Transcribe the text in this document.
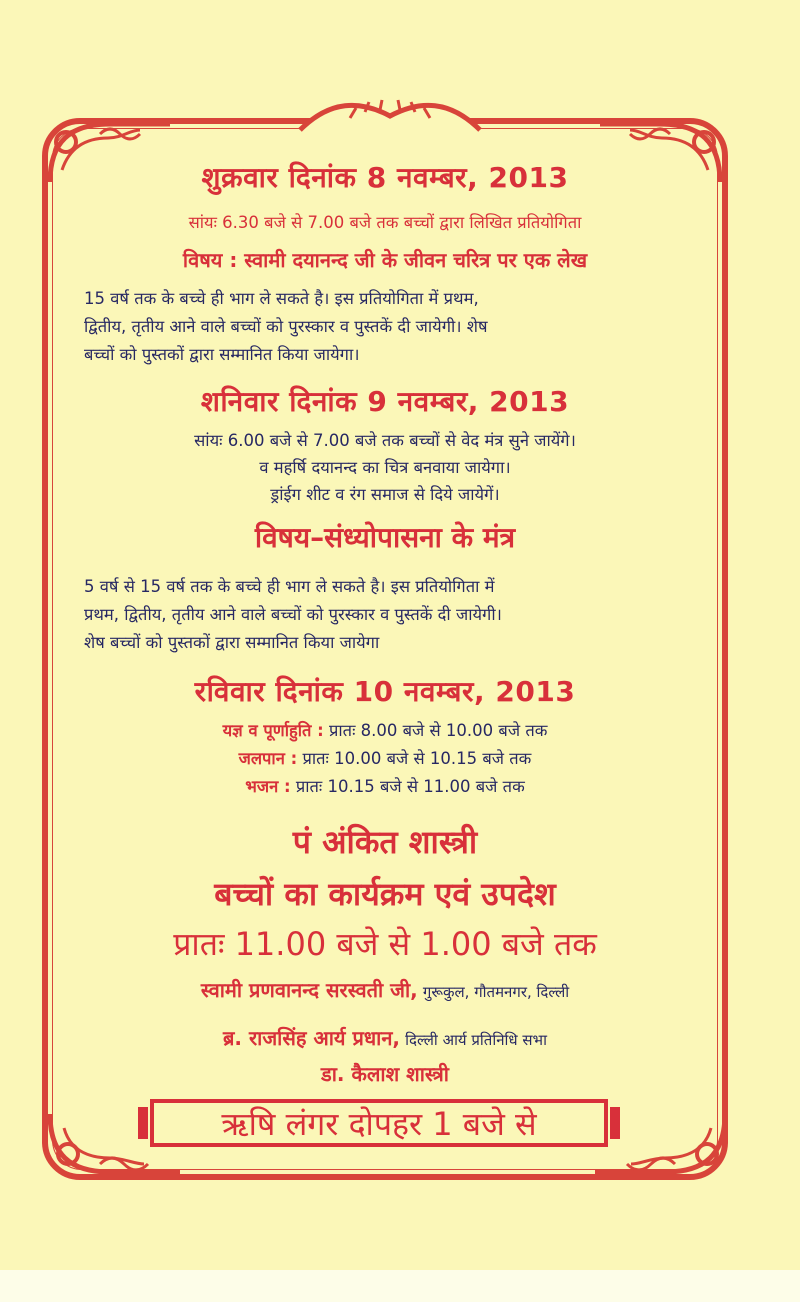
शुक्रवार दिनांक 8 नवम्बर, 2013
सांयः 6.30 बजे से 7.00 बजे तक बच्चों द्वारा लिखित प्रतियोगिता
विषय : स्वामी दयानन्द जी के जीवन चरित्र पर एक लेख
15 वर्ष तक के बच्चे ही भाग ले सकते है। इस प्रतियोगिता में प्रथम,
द्वितीय, तृतीय आने वाले बच्चों को पुरस्कार व पुस्तकें दी जायेगी। शेष
बच्चों को पुस्तकों द्वारा सम्मानित किया जायेगा।
शनिवार दिनांक 9 नवम्बर, 2013
सांयः 6.00 बजे से 7.00 बजे तक बच्चों से वेद मंत्र सुने जायेंगे।
व महर्षि दयानन्द का चित्र बनवाया जायेगा।
ड्रांईग शीट व रंग समाज से दिये जायेगें।
विषय–संध्योपासना के मंत्र
5 वर्ष से 15 वर्ष तक के बच्चे ही भाग ले सकते है। इस प्रतियोगिता में
प्रथम, द्वितीय, तृतीय आने वाले बच्चों को पुरस्कार व पुस्तकें दी जायेगी।
शेष बच्चों को पुस्तकों द्वारा सम्मानित किया जायेगा
रविवार दिनांक 10 नवम्बर, 2013
यज्ञ व पूर्णाहुति : प्रातः 8.00 बजे से 10.00 बजे तक
जलपान : प्रातः 10.00 बजे से 10.15 बजे तक
भजन : प्रातः 10.15 बजे से 11.00 बजे तक
पं अंकित शास्त्री
बच्चों का कार्यक्रम एवं उपदेश
प्रातः 11.00 बजे से 1.00 बजे तक
स्वामी प्रणवानन्द सरस्वती जी, गुरूकुल, गौतमनगर, दिल्ली
ब्र. राजसिंह आर्य प्रधान, दिल्ली आर्य प्रतिनिधि सभा
डा. कैलाश शास्त्री
ऋषि लंगर दोपहर 1 बजे से
